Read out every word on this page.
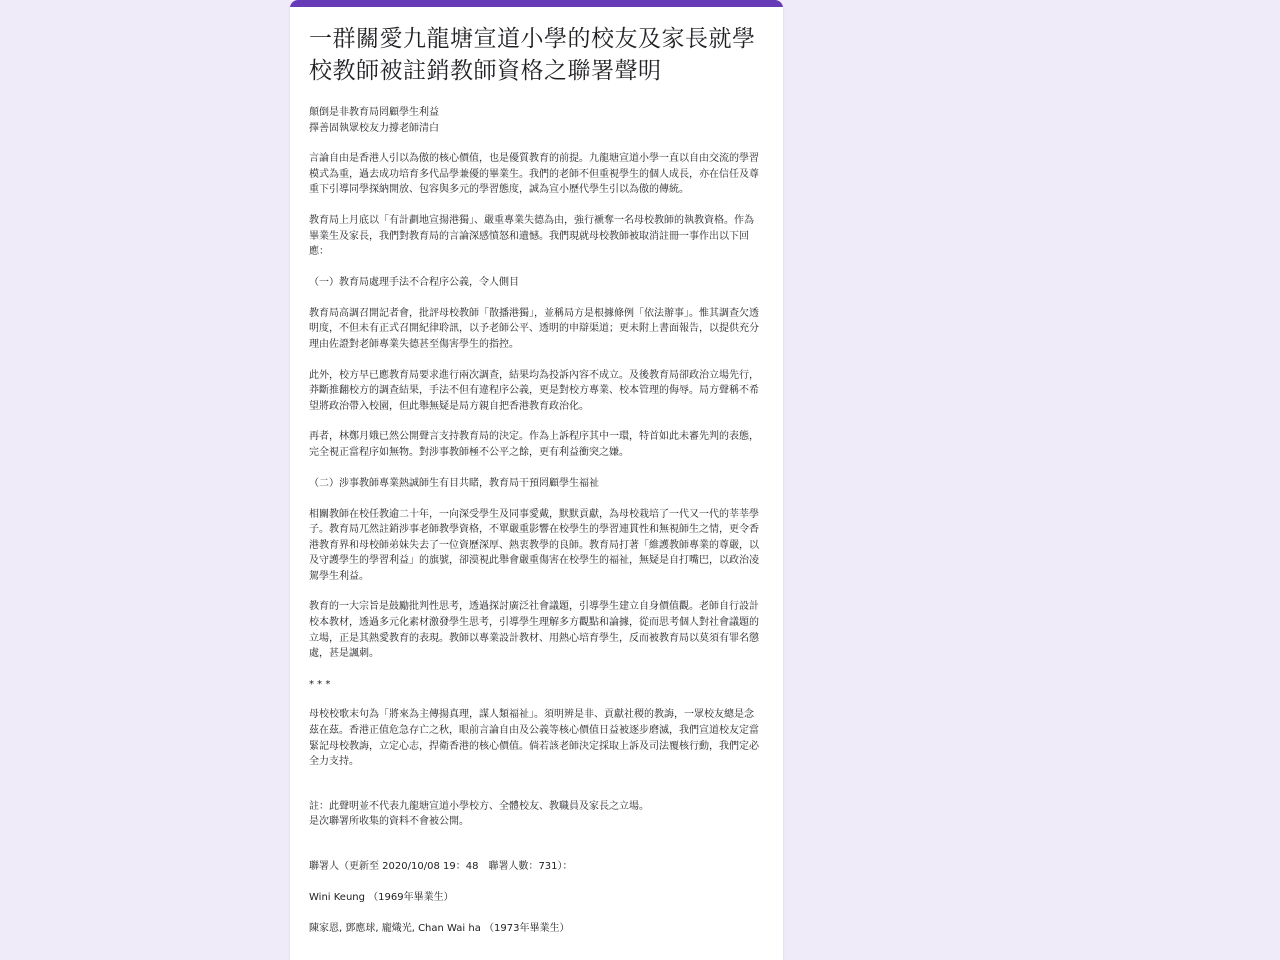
一群關愛九龍塘宣道小學的校友及家長就學校教師被註銷教師資格之聯署聲明

顛倒是非教育局罔顧學生利益
擇善固執眾校友力撐老師清白

言論自由是香港人引以為傲的核心價值，也是優質教育的前提。九龍塘宣道小學一直以自由交流的學習模式為重，過去成功培育多代品學兼優的畢業生。我們的老師不但重視學生的個人成長，亦在信任及尊重下引導同學探納開放、包容與多元的學習態度，誠為宣小歷代學生引以為傲的傳統。

教育局上月底以「有計劃地宣揚港獨」、嚴重專業失德為由，強行褫奪一名母校教師的執教資格。作為畢業生及家長，我們對教育局的言論深感憤怒和遺憾。我們現就母校教師被取消註冊一事作出以下回應：

（一）教育局處理手法不合程序公義，令人側目

教育局高調召開記者會，批評母校教師「散播港獨」，並稱局方是根據條例「依法辦事」。惟其調查欠透明度，不但未有正式召開紀律聆訊，以予老師公平、透明的申辯渠道；更未附上書面報告，以提供充分理由佐證對老師專業失德甚至傷害學生的指控。

此外，校方早已應教育局要求進行兩次調查，結果均為投訴內容不成立。及後教育局卻政治立場先行，莽斷推翻校方的調查結果，手法不但有違程序公義，更是對校方專業、校本管理的侮辱。局方聲稱不希望將政治帶入校園，但此舉無疑是局方親自把香港教育政治化。

再者，林鄭月娥已然公開聲言支持教育局的決定。作為上訴程序其中一環，特首如此未審先判的表態，完全視正當程序如無物。對涉事教師極不公平之餘，更有利益衝突之嫌。

（二）涉事教師專業熱誠師生有目共睹，教育局干預罔顧學生福祉

相關教師在校任教逾二十年，一向深受學生及同事愛戴，默默貢獻，為母校栽培了一代又一代的莘莘學子。教育局兀然註銷涉事老師教學資格，不單嚴重影響在校學生的學習連貫性和無視師生之情，更令香港教育界和母校師弟妹失去了一位資歷深厚、熱衷教學的良師。教育局打著「維護教師專業的尊嚴，以及守護學生的學習利益」的旗號，卻漠視此舉會嚴重傷害在校學生的福祉，無疑是自打嘴巴，以政治凌駕學生利益。

教育的一大宗旨是鼓勵批判性思考，透過探討廣泛社會議題，引導學生建立自身價值觀。老師自行設計校本教材，透過多元化素材激發學生思考，引導學生理解多方觀點和論據，從而思考個人對社會議題的立場，正是其熱愛教育的表現。教師以專業設計教材、用熱心培育學生，反而被教育局以莫須有罪名懲處，甚是諷刺。

* * *

母校校歌末句為「將來為主傳揚真理，謀人類福祉」。須明辨是非、貢獻社稷的教誨，一眾校友總是念茲在茲。香港正值危急存亡之秋，眼前言論自由及公義等核心價值日益被逐步磨滅，我們宣道校友定當緊記母校教誨，立定心志，捍衛香港的核心價值。倘若該老師決定採取上訴及司法覆核行動，我們定必全力支持。

註：此聲明並不代表九龍塘宣道小學校方、全體校友、教職員及家長之立場。
是次聯署所收集的資料不會被公開。

聯署人（更新至 2020/10/08 19：48　聯署人數：731）：

Wini Keung （1969年畢業生）

陳家恩, 鄧應球, 龐熾光, Chan Wai ha （1973年畢業生）
